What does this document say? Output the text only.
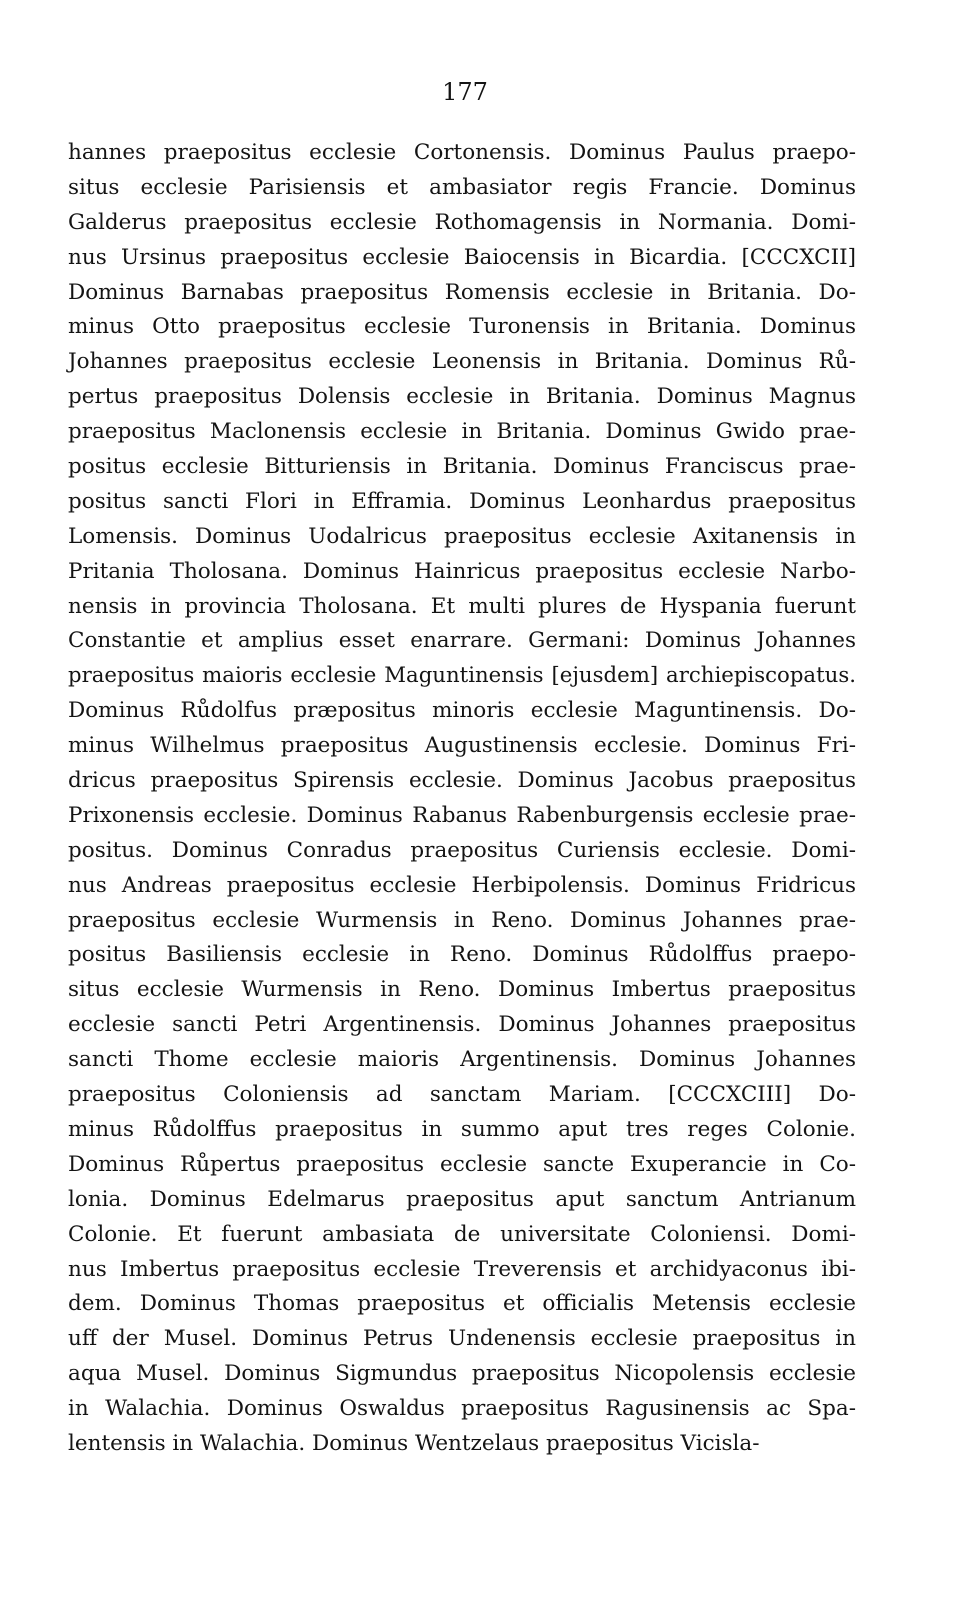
177
hannes praepositus ecclesie Cortonensis. Dominus Paulus praepo-
situs ecclesie Parisiensis et ambasiator regis Francie. Dominus
Galderus praepositus ecclesie Rothomagensis in Normania. Domi-
nus Ursinus praepositus ecclesie Baiocensis in Bicardia. [CCCXCII]
Dominus Barnabas praepositus Romensis ecclesie in Britania. Do-
minus Otto praepositus ecclesie Turonensis in Britania. Dominus
Johannes praepositus ecclesie Leonensis in Britania. Dominus Rů-
pertus praepositus Dolensis ecclesie in Britania. Dominus Magnus
praepositus Maclonensis ecclesie in Britania. Dominus Gwido prae-
positus ecclesie Bitturiensis in Britania. Dominus Franciscus prae-
positus sancti Flori in Efframia. Dominus Leonhardus praepositus
Lomensis. Dominus Uodalricus praepositus ecclesie Axitanensis in
Pritania Tholosana. Dominus Hainricus praepositus ecclesie Narbo-
nensis in provincia Tholosana. Et multi plures de Hyspania fuerunt
Constantie et amplius esset enarrare. Germani: Dominus Johannes
praepositus maioris ecclesie Maguntinensis [ejusdem] archiepiscopatus.
Dominus Růdolfus præpositus minoris ecclesie Maguntinensis. Do-
minus Wilhelmus praepositus Augustinensis ecclesie. Dominus Fri-
dricus praepositus Spirensis ecclesie. Dominus Jacobus praepositus
Prixonensis ecclesie. Dominus Rabanus Rabenburgensis ecclesie prae-
positus. Dominus Conradus praepositus Curiensis ecclesie. Domi-
nus Andreas praepositus ecclesie Herbipolensis. Dominus Fridricus
praepositus ecclesie Wurmensis in Reno. Dominus Johannes prae-
positus Basiliensis ecclesie in Reno. Dominus Růdolffus praepo-
situs ecclesie Wurmensis in Reno. Dominus Imbertus praepositus
ecclesie sancti Petri Argentinensis. Dominus Johannes praepositus
sancti Thome ecclesie maioris Argentinensis. Dominus Johannes
praepositus Coloniensis ad sanctam Mariam. [CCCXCIII] Do-
minus Růdolffus praepositus in summo aput tres reges Colonie.
Dominus Růpertus praepositus ecclesie sancte Exuperancie in Co-
lonia. Dominus Edelmarus praepositus aput sanctum Antrianum
Colonie. Et fuerunt ambasiata de universitate Coloniensi. Domi-
nus Imbertus praepositus ecclesie Treverensis et archidyaconus ibi-
dem. Dominus Thomas praepositus et officialis Metensis ecclesie
uff der Musel. Dominus Petrus Undenensis ecclesie praepositus in
aqua Musel. Dominus Sigmundus praepositus Nicopolensis ecclesie
in Walachia. Dominus Oswaldus praepositus Ragusinensis ac Spa-
lentensis in Walachia. Dominus Wentzelaus praepositus Vicisla-
